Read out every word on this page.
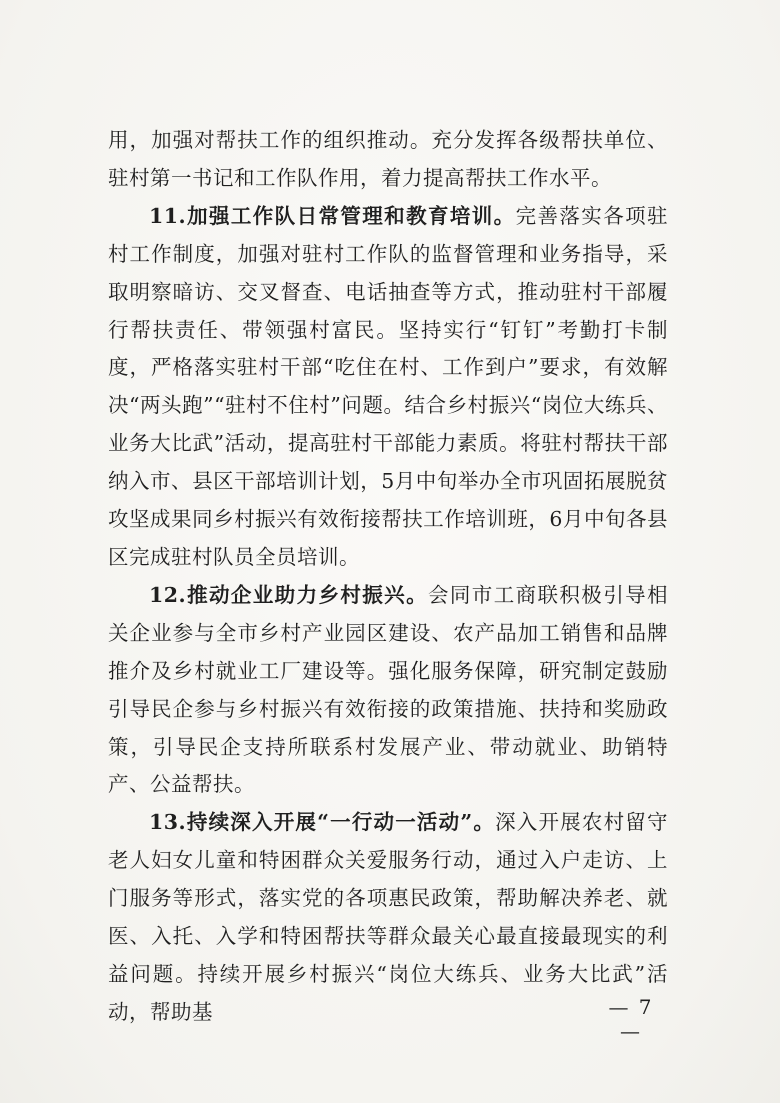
用，加强对帮扶工作的组织推动。充分发挥各级帮扶单位、驻村第一书记和工作队作用，着力提高帮扶工作水平。

11.加强工作队日常管理和教育培训。完善落实各项驻村工作制度，加强对驻村工作队的监督管理和业务指导，采取明察暗访、交叉督查、电话抽查等方式，推动驻村干部履行帮扶责任、带领强村富民。坚持实行“钉钉”考勤打卡制度，严格落实驻村干部“吃住在村、工作到户”要求，有效解决“两头跑”“驻村不住村”问题。结合乡村振兴“岗位大练兵、业务大比武”活动，提高驻村干部能力素质。将驻村帮扶干部纳入市、县区干部培训计划，5月中旬举办全市巩固拓展脱贫攻坚成果同乡村振兴有效衔接帮扶工作培训班，6月中旬各县区完成驻村队员全员培训。

12.推动企业助力乡村振兴。会同市工商联积极引导相关企业参与全市乡村产业园区建设、农产品加工销售和品牌推介及乡村就业工厂建设等。强化服务保障，研究制定鼓励引导民企参与乡村振兴有效衔接的政策措施、扶持和奖励政策，引导民企支持所联系村发展产业、带动就业、助销特产、公益帮扶。

13.持续深入开展“一行动一活动”。深入开展农村留守老人妇女儿童和特困群众关爱服务行动，通过入户走访、上门服务等形式，落实党的各项惠民政策，帮助解决养老、就医、入托、入学和特困帮扶等群众最关心最直接最现实的利益问题。持续开展乡村振兴“岗位大练兵、业务大比武”活动，帮助基	— 7 —
